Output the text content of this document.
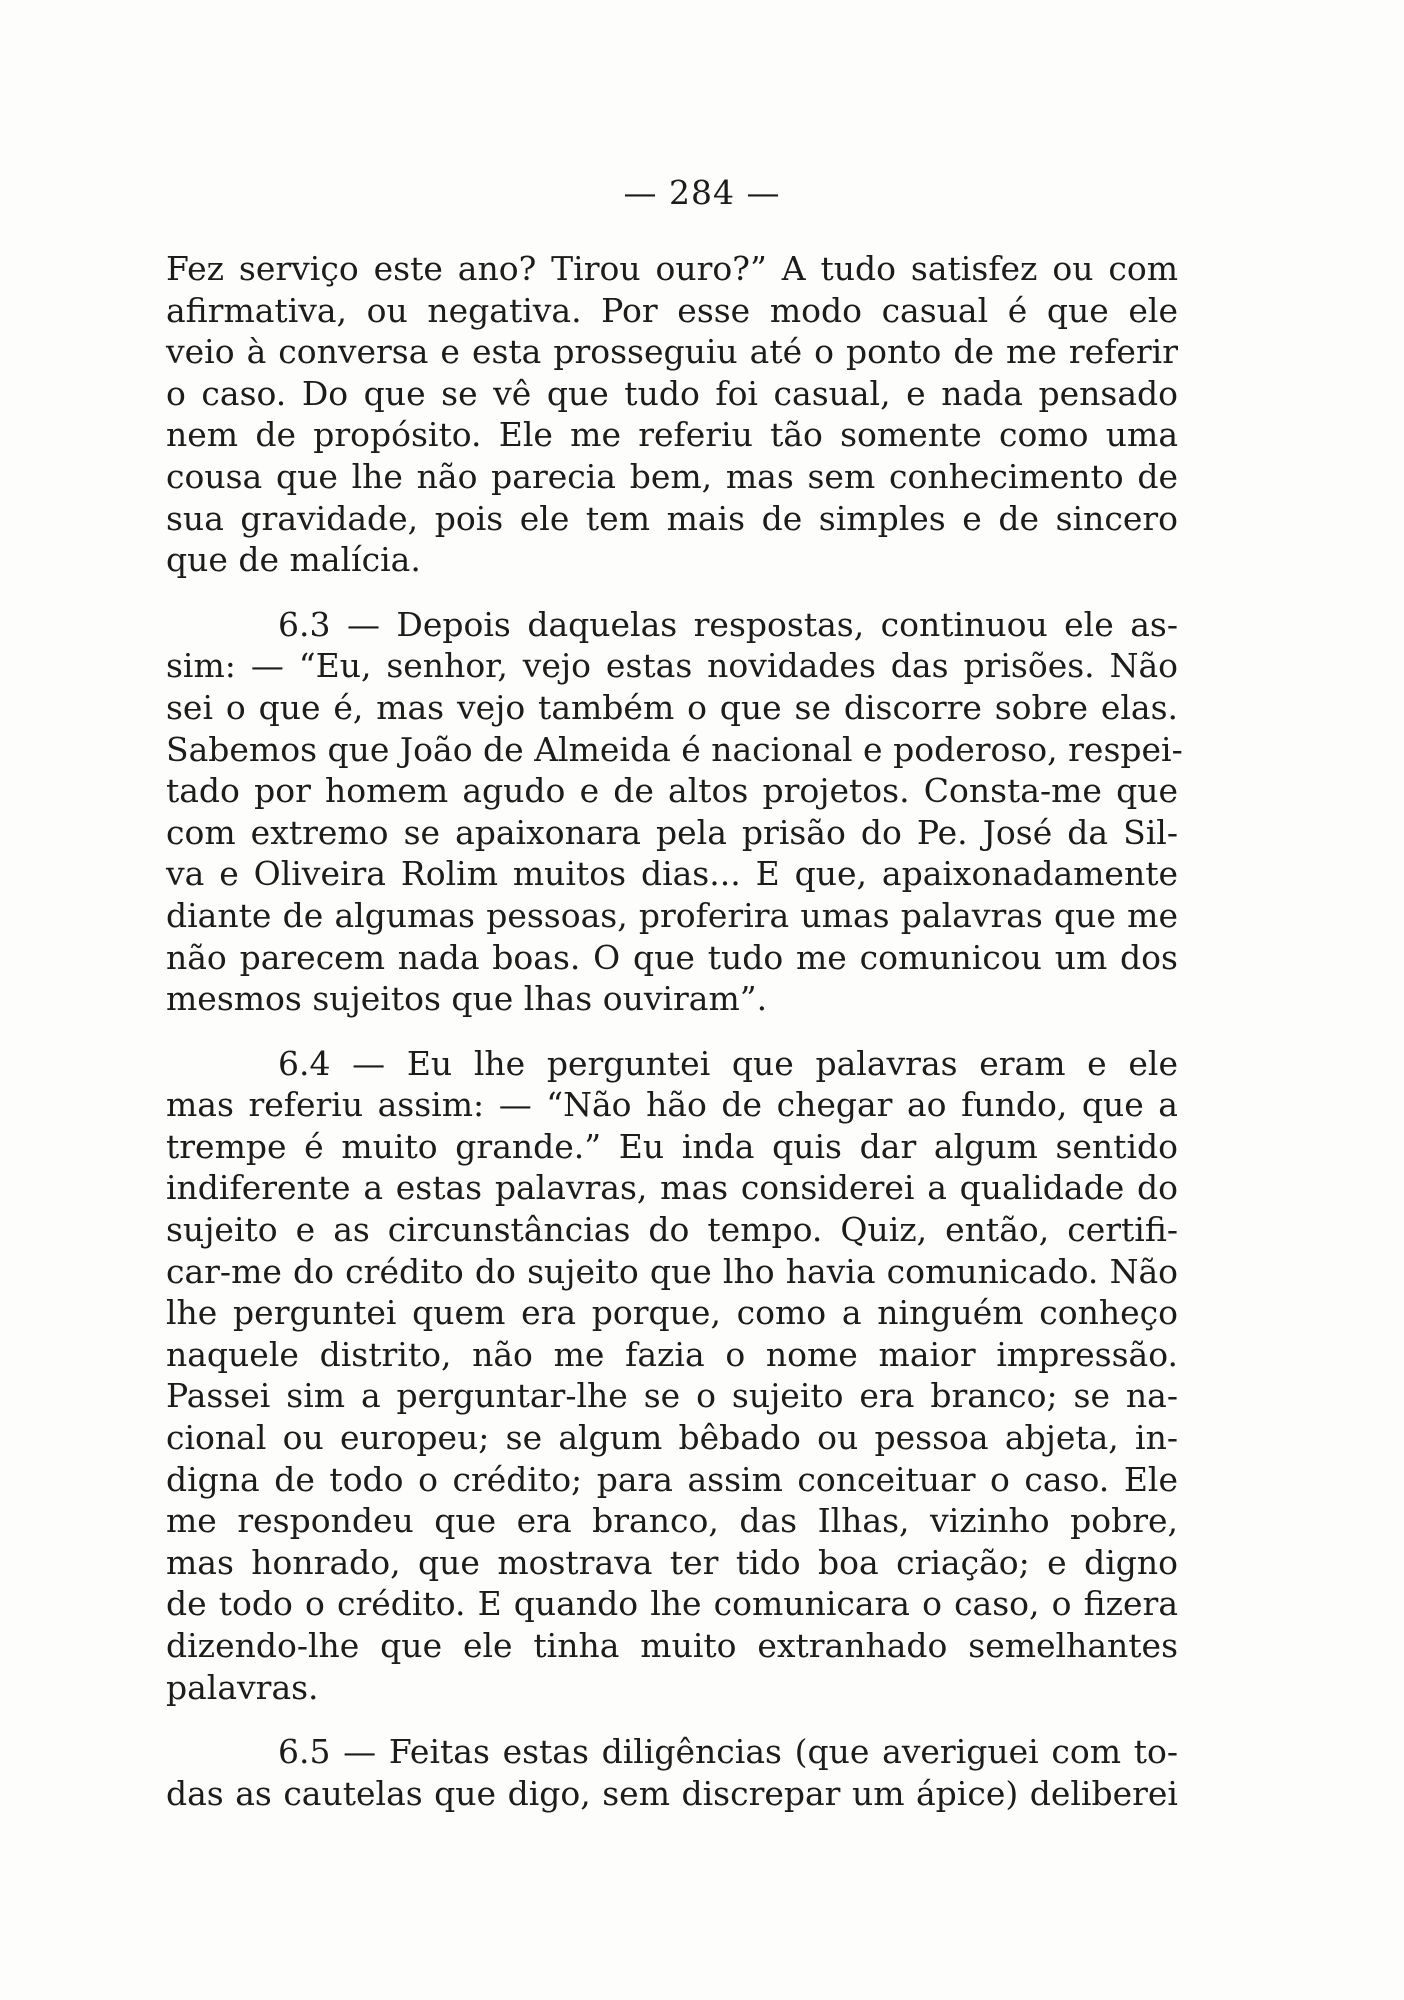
— 284 —
Fez serviço este ano? Tirou ouro?” A tudo satisfez ou com
afirmativa, ou negativa. Por esse modo casual é que ele
veio à conversa e esta prosseguiu até o ponto de me referir
o caso. Do que se vê que tudo foi casual, e nada pensado
nem de propósito. Ele me referiu tão somente como uma
cousa que lhe não parecia bem, mas sem conhecimento de
sua gravidade, pois ele tem mais de simples e de sincero
que de malícia.
6.3 — Depois daquelas respostas, continuou ele as-
sim: — “Eu, senhor, vejo estas novidades das prisões. Não
sei o que é, mas vejo também o que se discorre sobre elas.
Sabemos que João de Almeida é nacional e poderoso, respei-
tado por homem agudo e de altos projetos. Consta-me que
com extremo se apaixonara pela prisão do Pe. José da Sil-
va e Oliveira Rolim muitos dias... E que, apaixonadamente
diante de algumas pessoas, proferira umas palavras que me
não parecem nada boas. O que tudo me comunicou um dos
mesmos sujeitos que lhas ouviram”.
6.4 — Eu lhe perguntei que palavras eram e ele
mas referiu assim: — “Não hão de chegar ao fundo, que a
trempe é muito grande.” Eu inda quis dar algum sentido
indiferente a estas palavras, mas considerei a qualidade do
sujeito e as circunstâncias do tempo. Quiz, então, certifi-
car-me do crédito do sujeito que lho havia comunicado. Não
lhe perguntei quem era porque, como a ninguém conheço
naquele distrito, não me fazia o nome maior impressão.
Passei sim a perguntar-lhe se o sujeito era branco; se na-
cional ou europeu; se algum bêbado ou pessoa abjeta, in-
digna de todo o crédito; para assim conceituar o caso. Ele
me respondeu que era branco, das Ilhas, vizinho pobre,
mas honrado, que mostrava ter tido boa criação; e digno
de todo o crédito. E quando lhe comunicara o caso, o fizera
dizendo-lhe que ele tinha muito extranhado semelhantes
palavras.
6.5 — Feitas estas diligências (que averiguei com to-
das as cautelas que digo, sem discrepar um ápice) deliberei
